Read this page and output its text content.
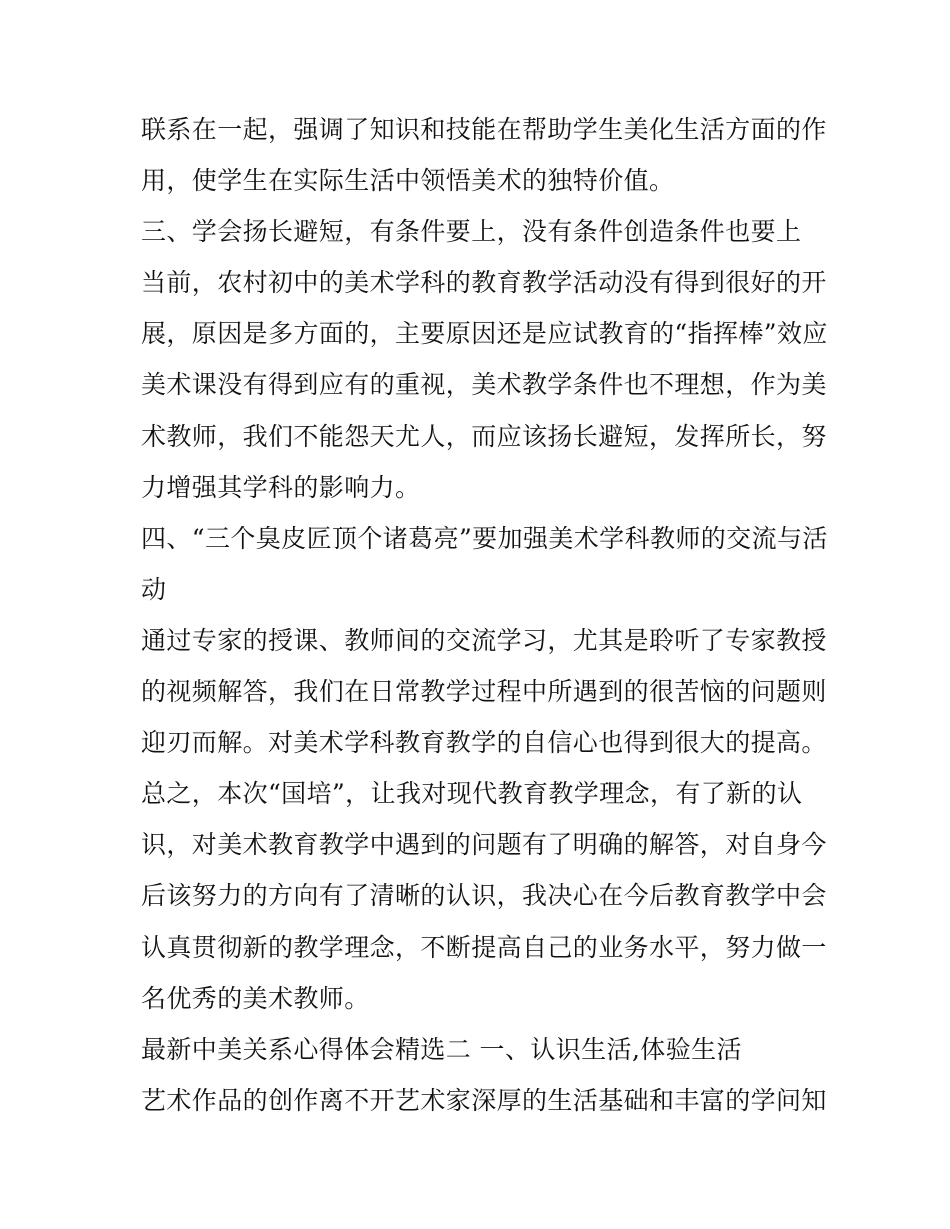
联系在一起，强调了知识和技能在帮助学生美化生活方面的作
用，使学生在实际生活中领悟美术的独特价值。
三、学会扬长避短，有条件要上，没有条件创造条件也要上
当前，农村初中的美术学科的教育教学活动没有得到很好的开
展，原因是多方面的，主要原因还是应试教育的“指挥棒”效应
美术课没有得到应有的重视，美术教学条件也不理想，作为美
术教师，我们不能怨天尤人，而应该扬长避短，发挥所长，努
力增强其学科的影响力。
四、“三个臭皮匠顶个诸葛亮”要加强美术学科教师的交流与活
动
通过专家的授课、教师间的交流学习，尤其是聆听了专家教授
的视频解答，我们在日常教学过程中所遇到的很苦恼的问题则
迎刃而解。对美术学科教育教学的自信心也得到很大的提高。
总之，本次“国培”，让我对现代教育教学理念，有了新的认
识，对美术教育教学中遇到的问题有了明确的解答，对自身今
后该努力的方向有了清晰的认识，我决心在今后教育教学中会
认真贯彻新的教学理念，不断提高自己的业务水平，努力做一
名优秀的美术教师。
最新中美关系心得体会精选二 一、认识生活,体验生活
艺术作品的创作离不开艺术家深厚的生活基础和丰富的学问知
